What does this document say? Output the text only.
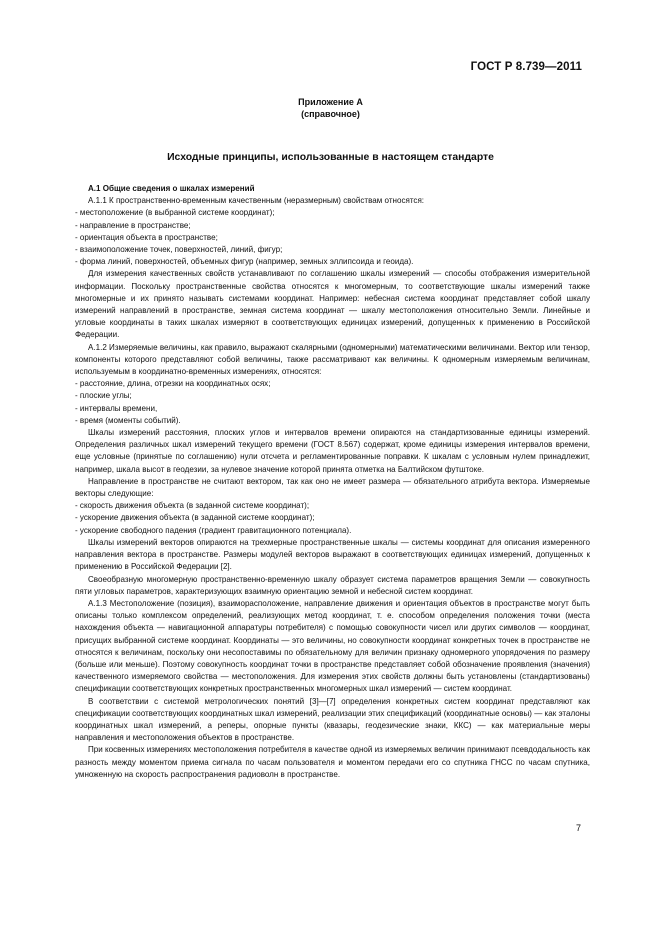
ГОСТ Р 8.739—2011
Приложение А
(справочное)
Исходные принципы, использованные в настоящем стандарте

А.1 Общие сведения о шкалах измерений

А.1.1 К пространственно-временным качественным (неразмерным) свойствам относятся:

- местоположение (в выбранной системе координат);

- направление в пространстве;

- ориентация объекта в пространстве;

- взаимоположение точек, поверхностей, линий, фигур;

- форма линий, поверхностей, объемных фигур (например, земных эллипсоида и геоида).

Для измерения качественных свойств устанавливают по соглашению шкалы измерений — способы отображения измерительной информации. Поскольку пространственные свойства относятся к многомерным, то соответствующие шкалы измерений также многомерные и их принято называть системами координат. Например: небесная система координат представляет собой шкалу измерений направлений в пространстве, земная система координат — шкалу местоположения относительно Земли. Линейные и угловые координаты в таких шкалах измеряют в соответствующих единицах измерений, допущенных к применению в Российской Федерации.

А.1.2 Измеряемые величины, как правило, выражают скалярными (одномерными) математическими величинами. Вектор или тензор, компоненты которого представляют собой величины, также рассматривают как величины. К одномерным измеряемым величинам, используемым в координатно-временных измерениях, относятся:

- расстояние, длина, отрезки на координатных осях;

- плоские углы;

- интервалы времени,

- время (моменты событий).

Шкалы измерений расстояния, плоских углов и интервалов времени опираются на стандартизованные единицы измерений. Определения различных шкал измерений текущего времени (ГОСТ 8.567) содержат, кроме единицы измерения интервалов времени, еще условные (принятые по соглашению) нули отсчета и регламентированные поправки. К шкалам с условным нулем принадлежит, например, шкала высот в геодезии, за нулевое значение которой принята отметка на Балтийском футштоке.

Направление в пространстве не считают вектором, так как оно не имеет размера — обязательного атрибута вектора. Измеряемые векторы следующие:

- скорость движения объекта (в заданной системе координат);

- ускорение движения объекта (в заданной системе координат);

- ускорение свободного падения (градиент гравитационного потенциала).

Шкалы измерений векторов опираются на трехмерные пространственные шкалы — системы координат для описания измеренного направления вектора в пространстве. Размеры модулей векторов выражают в соответствующих единицах измерений, допущенных к применению в Российской Федерации [2].

Своеобразную многомерную пространственно-временную шкалу образует система параметров вращения Земли — совокупность пяти угловых параметров, характеризующих взаимную ориентацию земной и небесной систем координат.

А.1.3 Местоположение (позиция), взаиморасположение, направление движения и ориентация объектов в пространстве могут быть описаны только комплексом определений, реализующих метод координат, т. е. способом определения положения точки (места нахождения объекта — навигационной аппаратуры потребителя) с помощью совокупности чисел или других символов — координат, присущих выбранной системе координат. Координаты — это величины, но совокупности координат конкретных точек в пространстве не относятся к величинам, поскольку они несопоставимы по обязательному для величин признаку одномерного упорядочения по размеру (больше или меньше). Поэтому совокупность координат точки в пространстве представляет собой обозначение проявления (значения) качественного измеряемого свойства — местоположения. Для измерения этих свойств должны быть установлены (стандартизованы) спецификации соответствующих конкретных пространственных многомерных шкал измерений — систем координат.

В соответствии с системой метрологических понятий [3]—[7] определения конкретных систем координат представляют как спецификации соответствующих координатных шкал измерений, реализации этих спецификаций (координатные основы) — как эталоны координатных шкал измерений, а реперы, опорные пункты (квазары, геодезические знаки, ККС) — как материальные меры направления и местоположения объектов в пространстве.

При косвенных измерениях местоположения потребителя в качестве одной из измеряемых величин принимают псевдодальность как разность между моментом приема сигнала по часам пользователя и моментом передачи его со спутника ГНСС по часам спутника, умноженную на скорость распространения радиоволн в пространстве.

7
